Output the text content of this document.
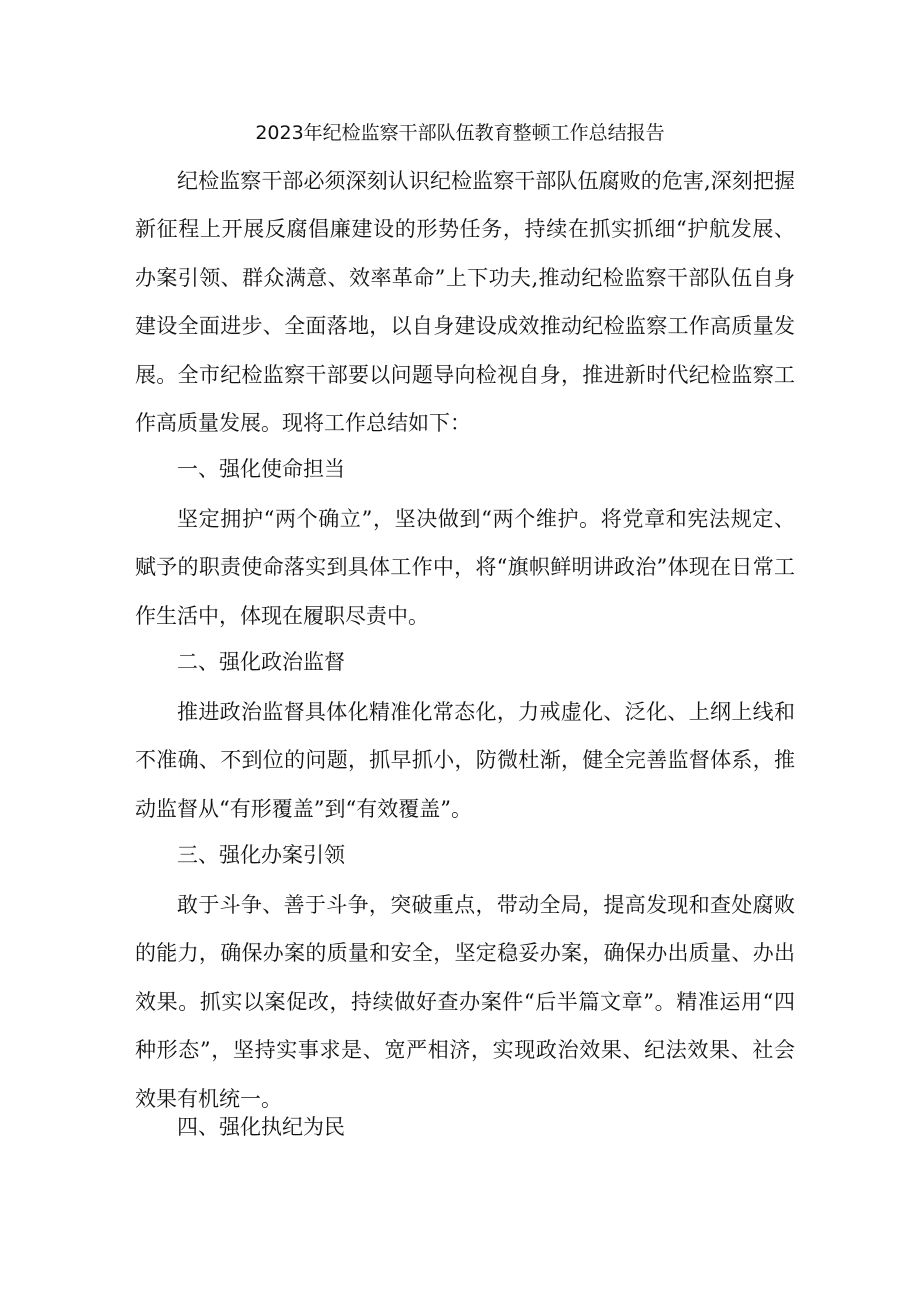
2023年纪检监察干部队伍教育整顿工作总结报告

纪检监察干部必须深刻认识纪检监察干部队伍腐败的危害,深刻把握新征程上开展反腐倡廉建设的形势任务，持续在抓实抓细“护航发展、办案引领、群众满意、效率革命”上下功夫,推动纪检监察干部队伍自身建设全面进步、全面落地，以自身建设成效推动纪检监察工作高质量发展。全市纪检监察干部要以问题导向检视自身，推进新时代纪检监察工作高质量发展。现将工作总结如下：

一、强化使命担当

坚定拥护“两个确立”，坚决做到“两个维护。将党章和宪法规定、赋予的职责使命落实到具体工作中，将“旗帜鲜明讲政治”体现在日常工作生活中，体现在履职尽责中。

二、强化政治监督

推进政治监督具体化精准化常态化，力戒虚化、泛化、上纲上线和不准确、不到位的问题，抓早抓小，防微杜渐，健全完善监督体系，推动监督从“有形覆盖”到“有效覆盖”。

三、强化办案引领

敢于斗争、善于斗争，突破重点，带动全局，提高发现和查处腐败的能力，确保办案的质量和安全，坚定稳妥办案，确保办出质量、办出效果。抓实以案促改，持续做好查办案件“后半篇文章”。精准运用“四种形态”，坚持实事求是、宽严相济，实现政治效果、纪法效果、社会效果有机统一。

四、强化执纪为民
